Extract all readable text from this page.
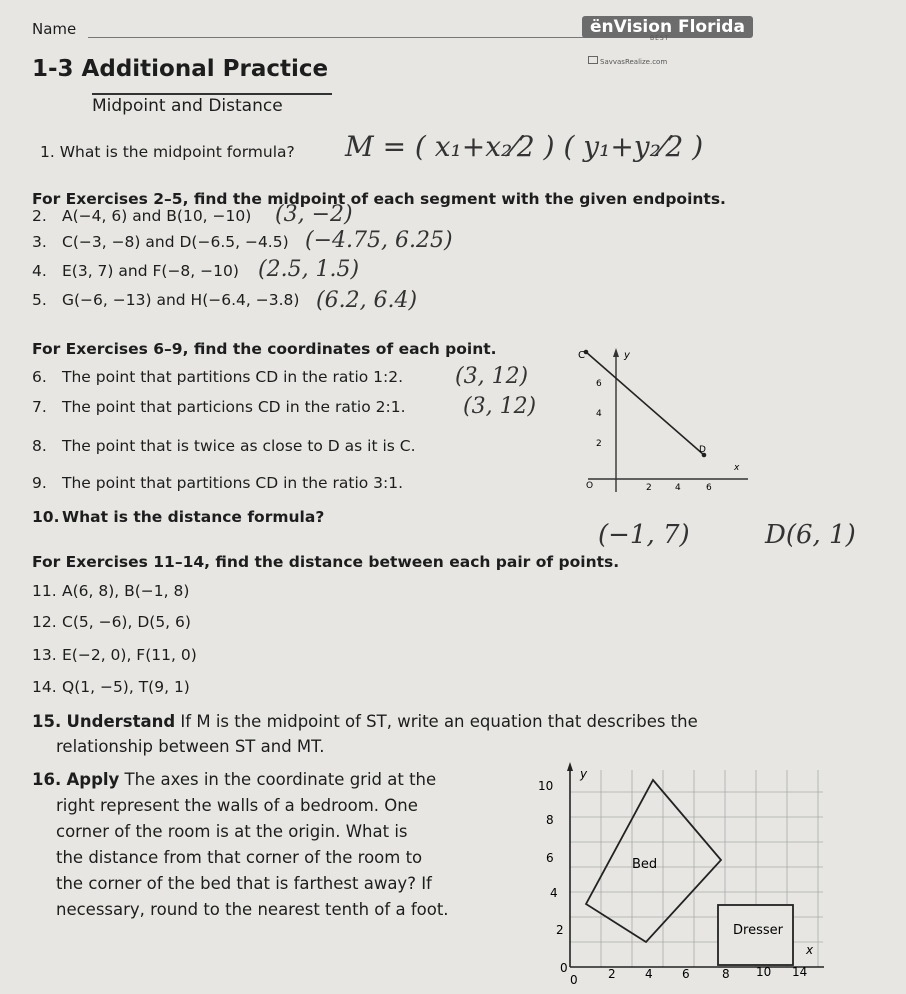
Name	ënVision Florida
BEST
SavvasRealize.com
1-3 Additional Practice
Midpoint and Distance
1. What is the midpoint formula? M = ( x₁+x₂⁄2 ) ( y₁+y₂⁄2 )
For Exercises 2–5, find the midpoint of each segment with the given endpoints.
2. A(−4, 6) and B(10, −10) (3, −2)
3. C(−3, −8) and D(−6.5, −4.5) (−4.75, 6.25)
4. E(3, 7) and F(−8, −10) (2.5, 1.5)
5. G(−6, −13) and H(−6.4, −3.8) (6.2, 6.4)
For Exercises 6–9, find the coordinates of each point.
6. The point that partitions CD in the ratio 1:2. (3, 12)
7. The point that particions CD in the ratio 2:1.	(3, 12)
8. The point that is twice as close to D as it is C.
9. The point that partitions CD in the ratio 3:1.
10. What is the distance formula?
(−1, 7)	D(6, 1)
For Exercises 11–14, find the distance between each pair of points.
11. A(6, 8), B(−1, 8)
12. C(5, −6), D(5, 6)
13. E(−2, 0), F(11, 0)
14. Q(1, −5), T(9, 1)
15. Understand If M is the midpoint of ST, write an equation that describes the
relationship between ST and MT.
16. Apply The axes in the coordinate grid at the
right represent the walls of a bedroom. One
corner of the room is at the origin. What is
the distance from that corner of the room to
the corner of the bed that is farthest away? If
necessary, round to the nearest tenth of a foot.
C	y
x
D
6
4
2
O	2	4	6
y
x
Bed
Dresser
10
8
6
4
2
0
0	2 4 6	8 10 14
